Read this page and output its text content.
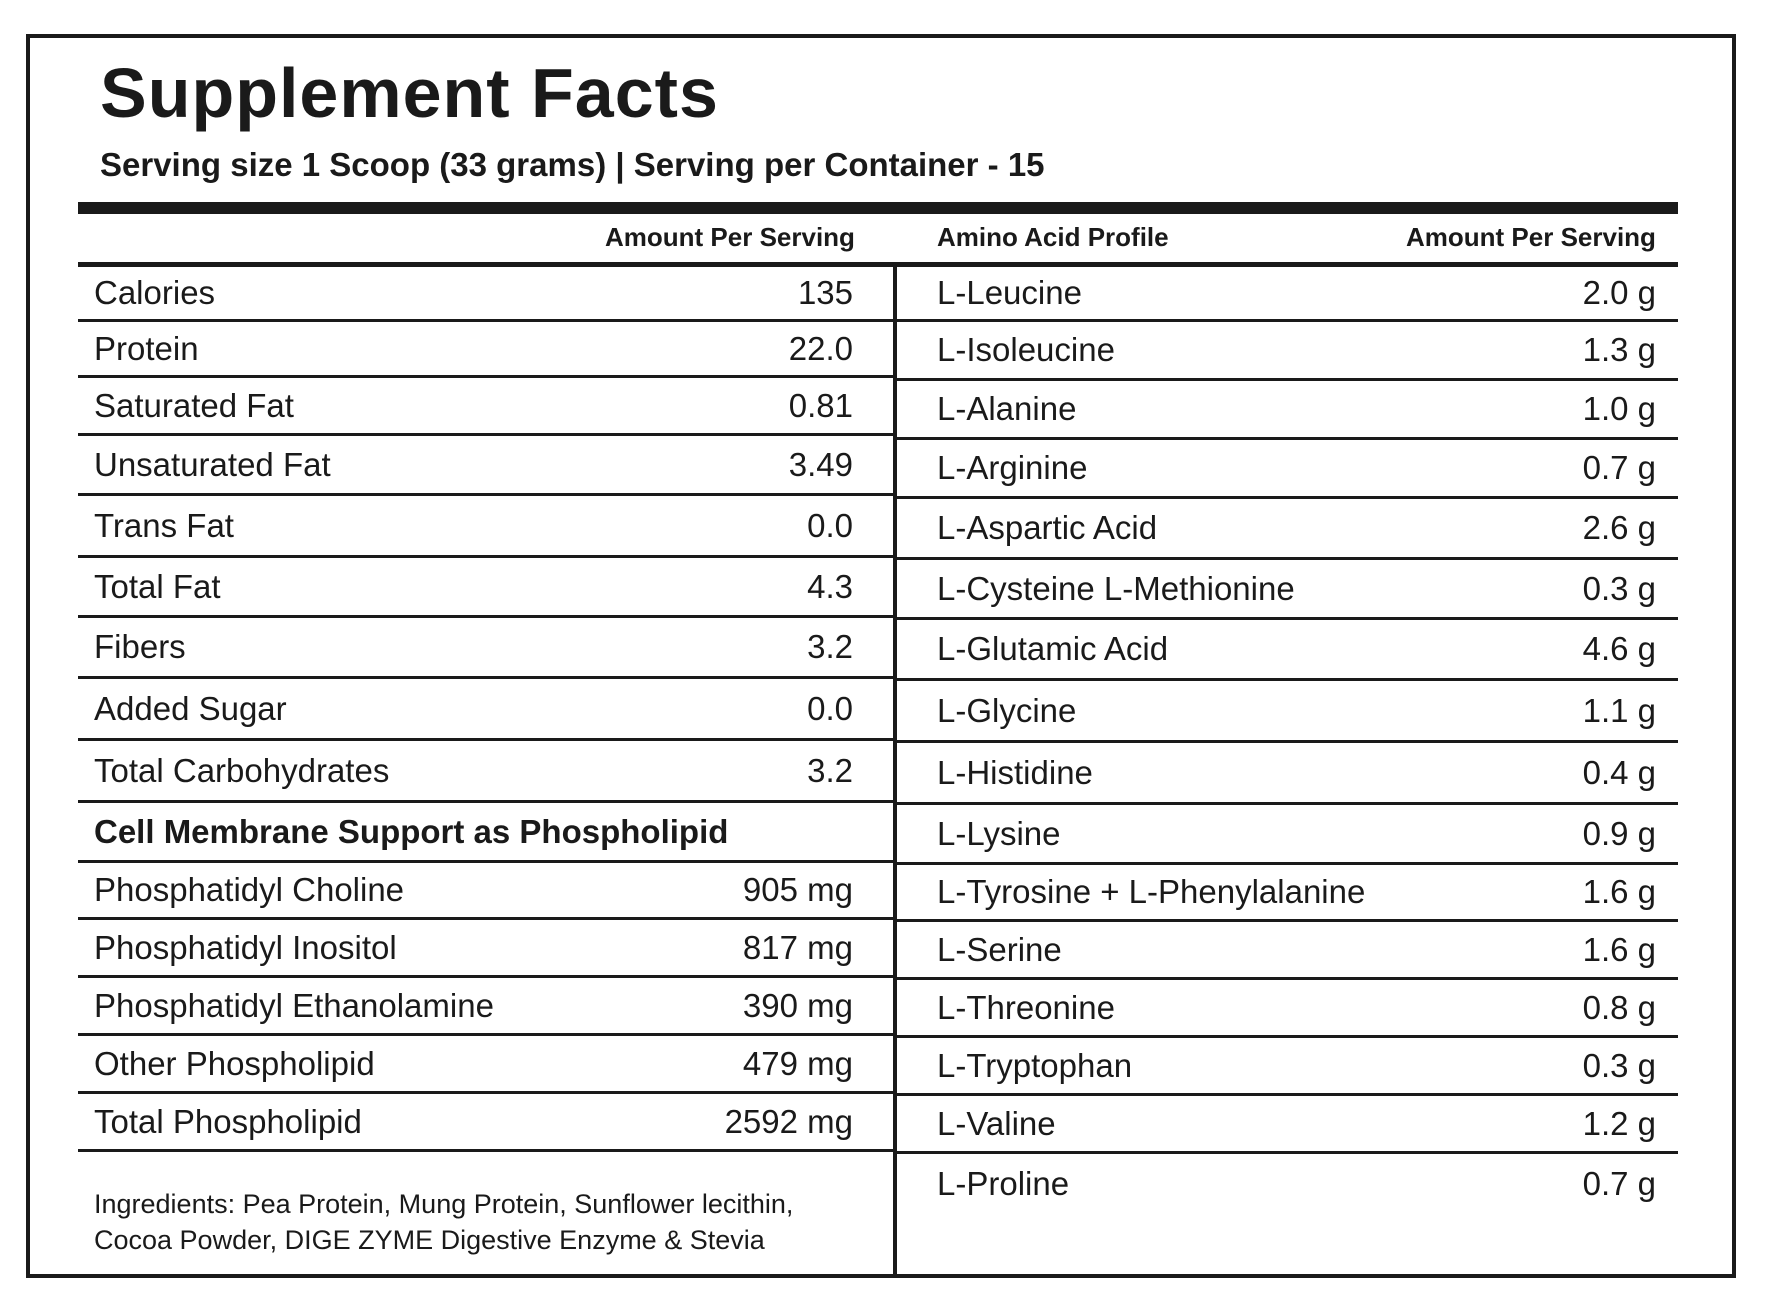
Supplement Facts

Serving size 1 Scoop (33 grams) | Serving per Container - 15

Amount Per Serving	Amino Acid Profile	Amount Per Serving
Calories	135
Protein	22.0
Saturated Fat	0.81
Unsaturated Fat	3.49
Trans Fat	0.0
Total Fat	4.3
Fibers	3.2
Added Sugar	0.0
Total Carbohydrates	3.2
Cell Membrane Support as Phospholipid
Phosphatidyl Choline	905 mg
Phosphatidyl Inositol	817 mg
Phosphatidyl Ethanolamine	390 mg
Other Phospholipid	479 mg
Total Phospholipid	2592 mg

Ingredients: Pea Protein, Mung Protein, Sunflower lecithin, Cocoa Powder, DIGE ZYME Digestive Enzyme & Stevia

L-Leucine	2.0 g
L-Isoleucine	1.3 g
L-Alanine	1.0 g
L-Arginine	0.7 g
L-Aspartic Acid	2.6 g
L-Cysteine L-Methionine	0.3 g
L-Glutamic Acid	4.6 g
L-Glycine	1.1 g
L-Histidine	0.4 g
L-Lysine	0.9 g
L-Tyrosine + L-Phenylalanine	1.6 g
L-Serine	1.6 g
L-Threonine	0.8 g
L-Tryptophan	0.3 g
L-Valine	1.2 g
L-Proline	0.7 g
